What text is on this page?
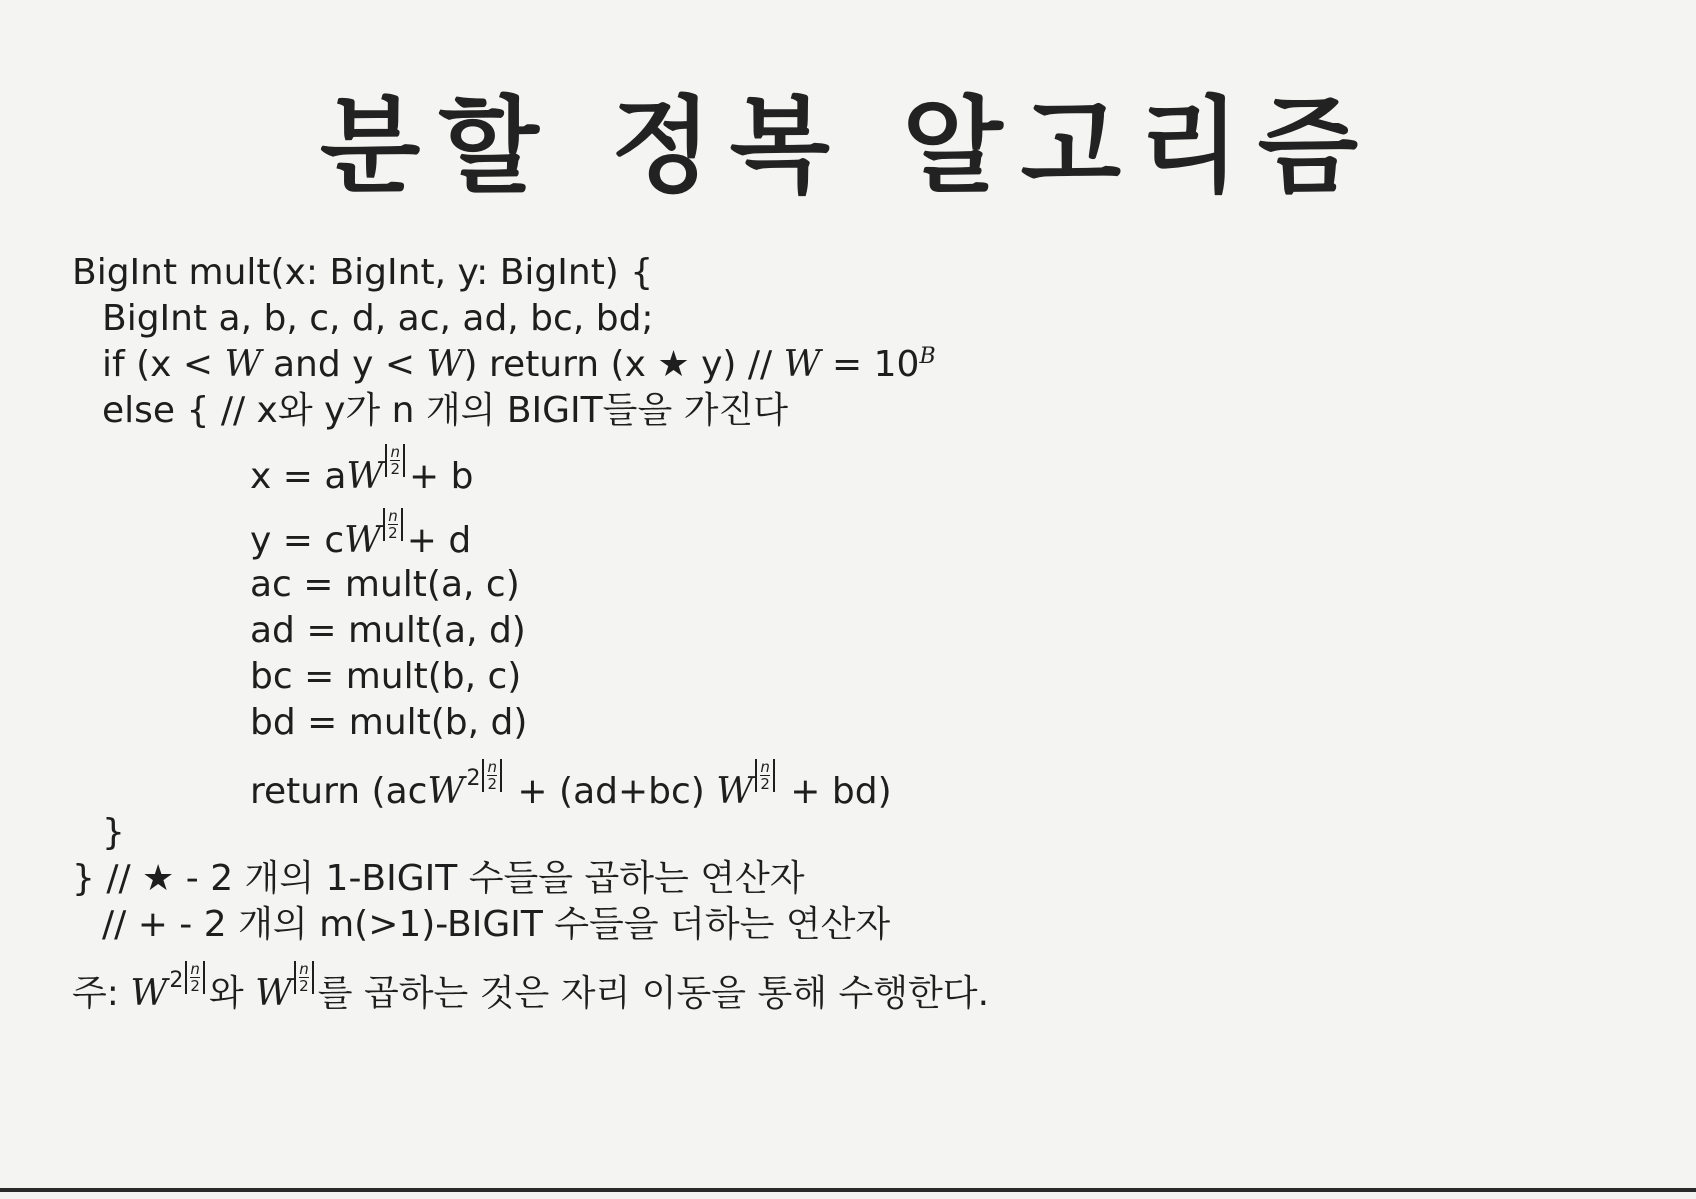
분할 정복 알고리즘
BigInt mult(x: BigInt, y: BigInt) {
BigInt a, b, c, d, ac, ad, bc, bd;
if (x < W and y < W) return (x ★ $y) // W = 10^B$
else { // x와 y가 n 개의 BIGIT들을 가진다
x = aW $\frac{n}{2} + b$
y = cW $\frac{n}{2} + d$
ac = mult(a, c)
ad = mult(a, d)
bc = mult(b, c)
bd = mult(b, d)
return ($acW^2 \frac{n}{2} + (ad+bc)$ W $\frac{n}{2} + bd$)
}
} // ★ - 2 개의 1-BIGIT 수들을 곱하는 연산자
// + - 2 개의 m(>1)-BIGIT 수들을 더하는 연산자
주: $W^2 \frac{n}{2}$ 와 W $\frac{n}{2}$ 를 곱하는 것은 자리 이동을 통해 수행한다.
